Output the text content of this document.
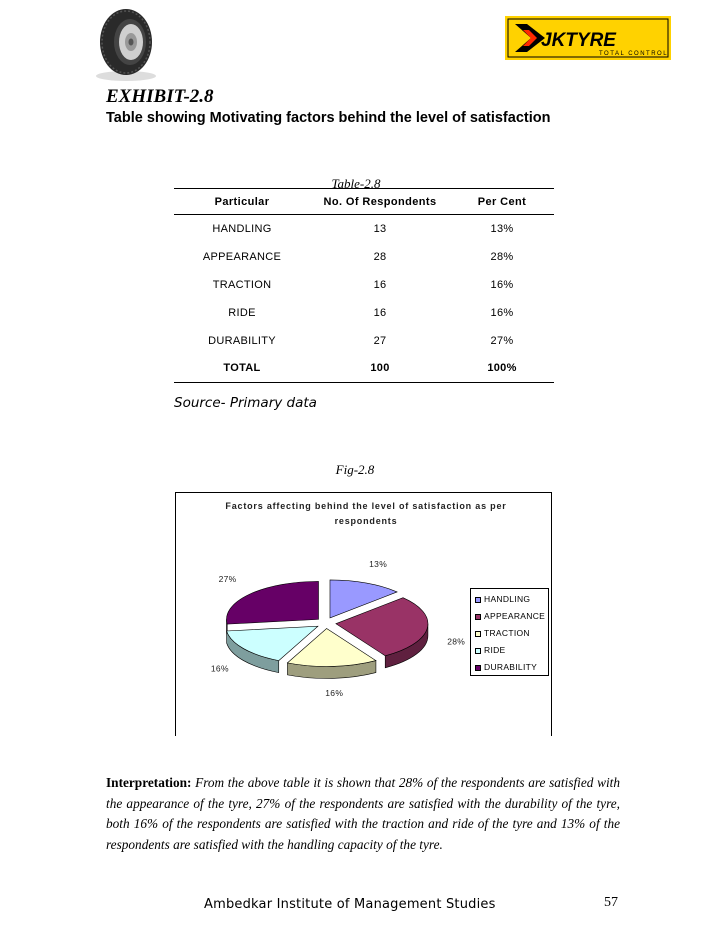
JKTYRE
TOTAL CONTROL
EXHIBIT-2.8
Table showing Motivating factors behind the level of satisfaction
Table-2.8
Particular	No. Of Respondents	Per Cent
HANDLING	13	13%
APPEARANCE	28	28%
TRACTION	16	16%
RIDE	16	16%
DURABILITY	27	27%
TOTAL	100	100%
Source- Primary data
Fig-2.8
Factors affecting behind the level of satisfaction as per respondents
13%
28%
16%
16%
27%
HANDLING
APPEARANCE
TRACTION
RIDE
DURABILITY
Interpretation: From the above table it is shown that 28% of the respondents are satisfied with the appearance of the tyre, 27% of the respondents are satisfied with the durability of the tyre, both 16% of the respondents are satisfied with the traction and ride of the tyre and 13% of the respondents are satisfied with the handling capacity of the tyre.
Ambedkar Institute of Management Studies	57
